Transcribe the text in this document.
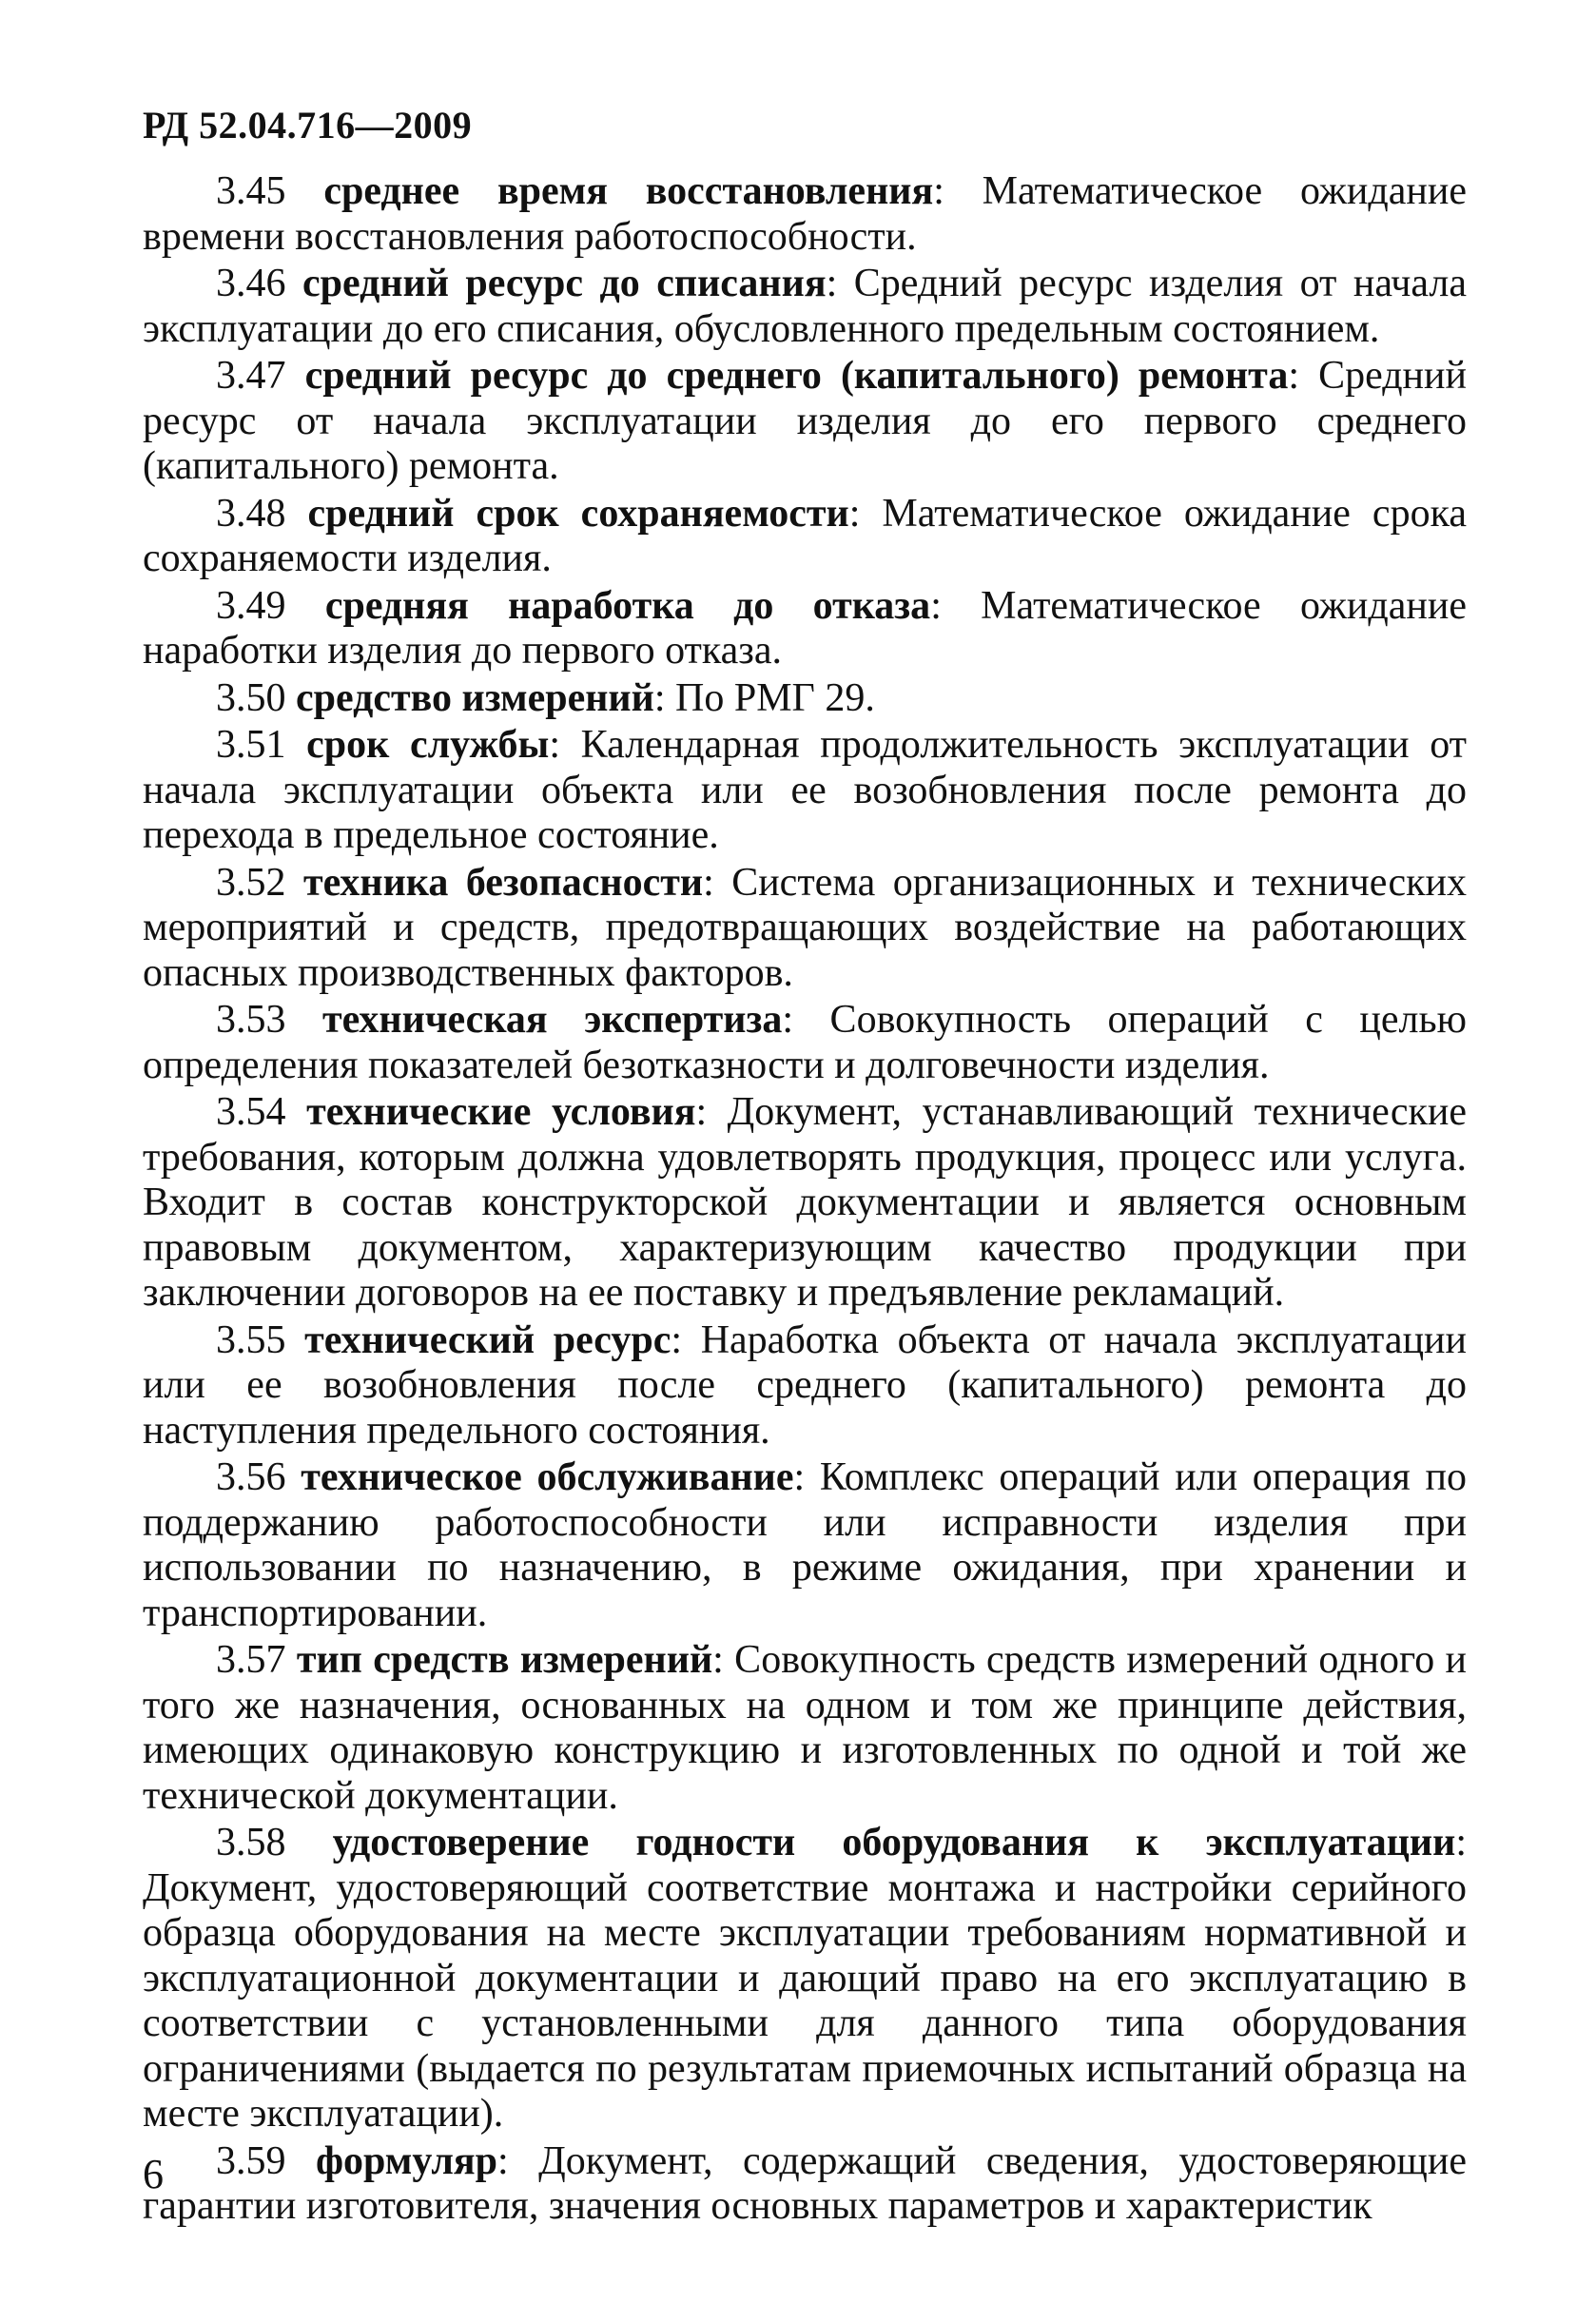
РД 52.04.716—2009

3.45 среднее время восстановления: Математическое ожидание времени восстановления работоспособности.

3.46 средний ресурс до списания: Средний ресурс изделия от начала эксплуатации до его списания, обусловленного предельным состоянием.

3.47 средний ресурс до среднего (капитального) ремонта: Средний ресурс от начала эксплуатации изделия до его первого среднего (капитального) ремонта.

3.48 средний срок сохраняемости: Математическое ожидание срока сохраняемости изделия.

3.49 средняя наработка до отказа: Математическое ожидание наработки изделия до первого отказа.

3.50 средство измерений: По РМГ 29.

3.51 срок службы: Календарная продолжительность эксплуатации от начала эксплуатации объекта или ее возобновления после ремонта до перехода в предельное состояние.

3.52 техника безопасности: Система организационных и технических мероприятий и средств, предотвращающих воздействие на работающих опасных производственных факторов.

3.53 техническая экспертиза: Совокупность операций с целью определения показателей безотказности и долговечности изделия.

3.54 технические условия: Документ, устанавливающий технические требования, которым должна удовлетворять продукция, процесс или услуга. Входит в состав конструкторской документации и является основным правовым документом, характеризующим качество продукции при заключении договоров на ее поставку и предъявление рекламаций.

3.55 технический ресурс: Наработка объекта от начала эксплуатации или ее возобновления после среднего (капитального) ремонта до наступления предельного состояния.

3.56 техническое обслуживание: Комплекс операций или операция по поддержанию работоспособности или исправности изделия при использовании по назначению, в режиме ожидания, при хранении и транспортировании.

3.57 тип средств измерений: Совокупность средств измерений одного и того же назначения, основанных на одном и том же принципе действия, имеющих одинаковую конструкцию и изготовленных по одной и той же технической документации.

3.58 удостоверение годности оборудования к эксплуатации: Документ, удостоверяющий соответствие монтажа и настройки серийного образца оборудования на месте эксплуатации требованиям нормативной и эксплуатационной документации и дающий право на его эксплуатацию в соответствии с установленными для данного типа оборудования ограничениями (выдается по результатам приемочных испытаний образца на месте эксплуатации).

3.59 формуляр: Документ, содержащий сведения, удостоверяющие гарантии изготовителя, значения основных параметров и характеристик

6
